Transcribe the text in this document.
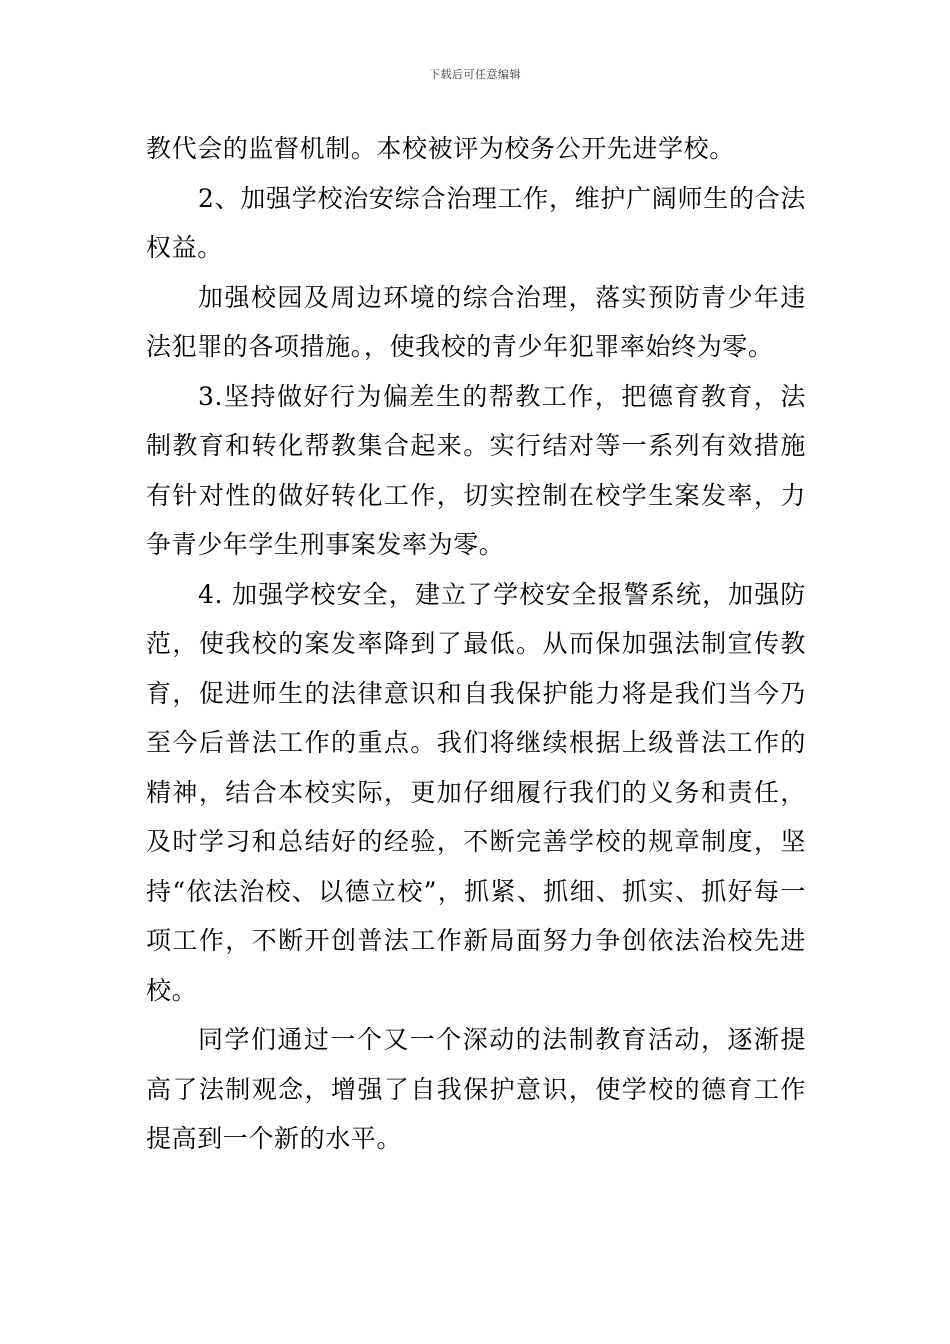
下载后可任意编辑

教代会的监督机制。本校被评为校务公开先进学校。

2、加强学校治安综合治理工作，维护广阔师生的合法权益。

加强校园及周边环境的综合治理，落实预防青少年违法犯罪的各项措施。，使我校的青少年犯罪率始终为零。

3.坚持做好行为偏差生的帮教工作，把德育教育，法制教育和转化帮教集合起来。实行结对等一系列有效措施有针对性的做好转化工作，切实控制在校学生案发率，力争青少年学生刑事案发率为零。

4. 加强学校安全，建立了学校安全报警系统，加强防范，使我校的案发率降到了最低。从而保加强法制宣传教育，促进师生的法律意识和自我保护能力将是我们当今乃至今后普法工作的重点。我们将继续根据上级普法工作的精神，结合本校实际，更加仔细履行我们的义务和责任，及时学习和总结好的经验，不断完善学校的规章制度，坚持“依法治校、以德立校”，抓紧、抓细、抓实、抓好每一项工作，不断开创普法工作新局面努力争创依法治校先进校。

同学们通过一个又一个深动的法制教育活动，逐渐提高了法制观念，增强了自我保护意识，使学校的德育工作提高到一个新的水平。
